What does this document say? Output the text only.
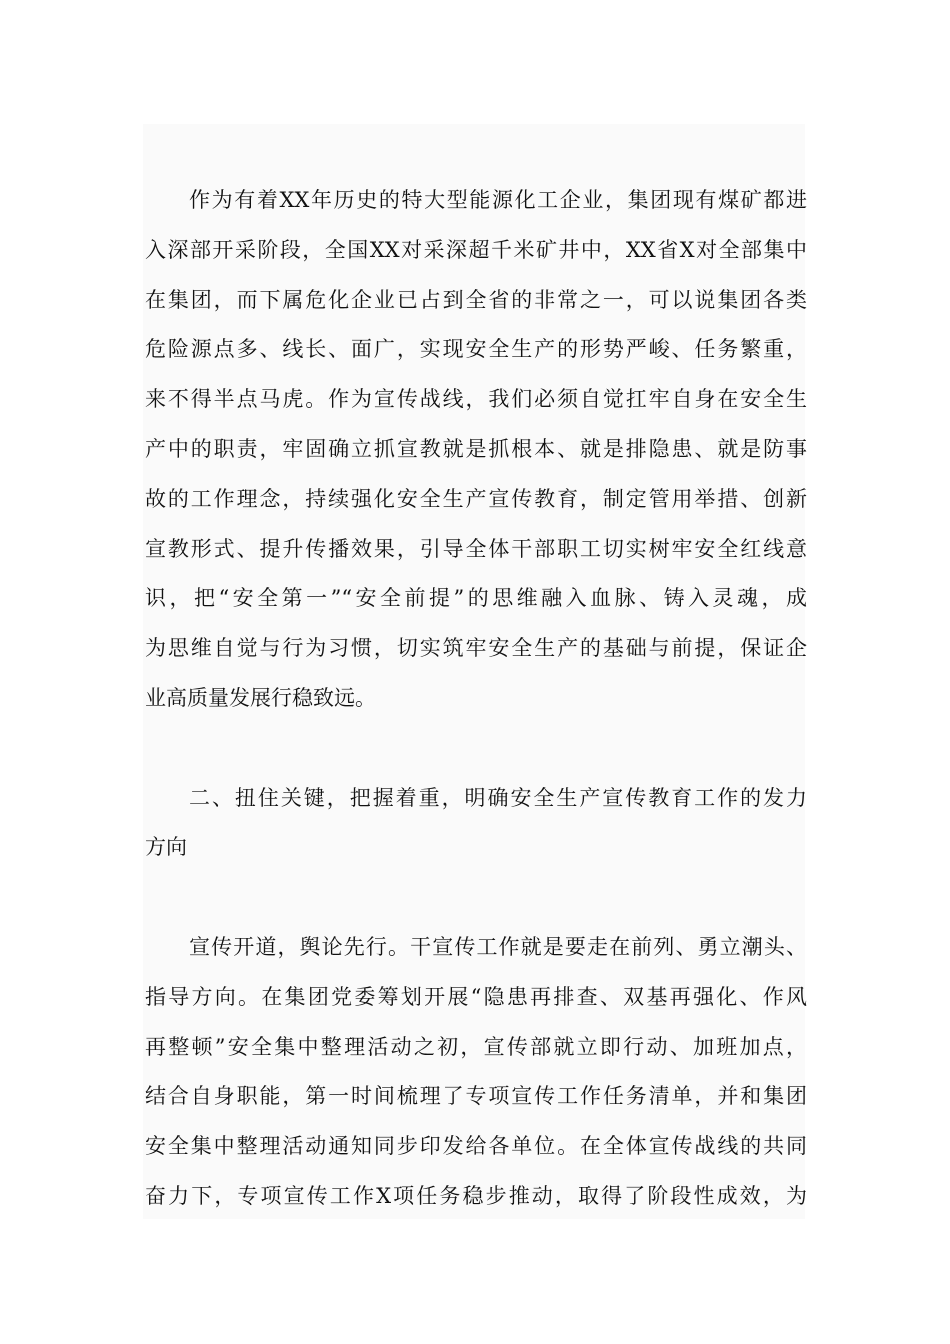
作为有着XX年历史的特大型能源化工企业，集团现有煤矿都进
入深部开采阶段，全国XX对采深超千米矿井中，XX省X对全部集中
在集团，而下属危化企业已占到全省的非常之一，可以说集团各类
危险源点多、线长、面广，实现安全生产的形势严峻、任务繁重，
来不得半点马虎。作为宣传战线，我们必须自觉扛牢自身在安全生
产中的职责，牢固确立抓宣教就是抓根本、就是排隐患、就是防事
故的工作理念，持续强化安全生产宣传教育，制定管用举措、创新
宣教形式、提升传播效果，引导全体干部职工切实树牢安全红线意
识，把“安全第一”“安全前提”的思维融入血脉、铸入灵魂，成
为思维自觉与行为习惯，切实筑牢安全生产的基础与前提，保证企
业高质量发展行稳致远。
二、扭住关键，把握着重，明确安全生产宣传教育工作的发力
方向
宣传开道，舆论先行。干宣传工作就是要走在前列、勇立潮头、
指导方向。在集团党委筹划开展“隐患再排查、双基再强化、作风
再整顿”安全集中整理活动之初，宣传部就立即行动、加班加点，
结合自身职能，第一时间梳理了专项宣传工作任务清单，并和集团
安全集中整理活动通知同步印发给各单位。在全体宣传战线的共同
奋力下，专项宣传工作X项任务稳步推动，取得了阶段性成效，为
